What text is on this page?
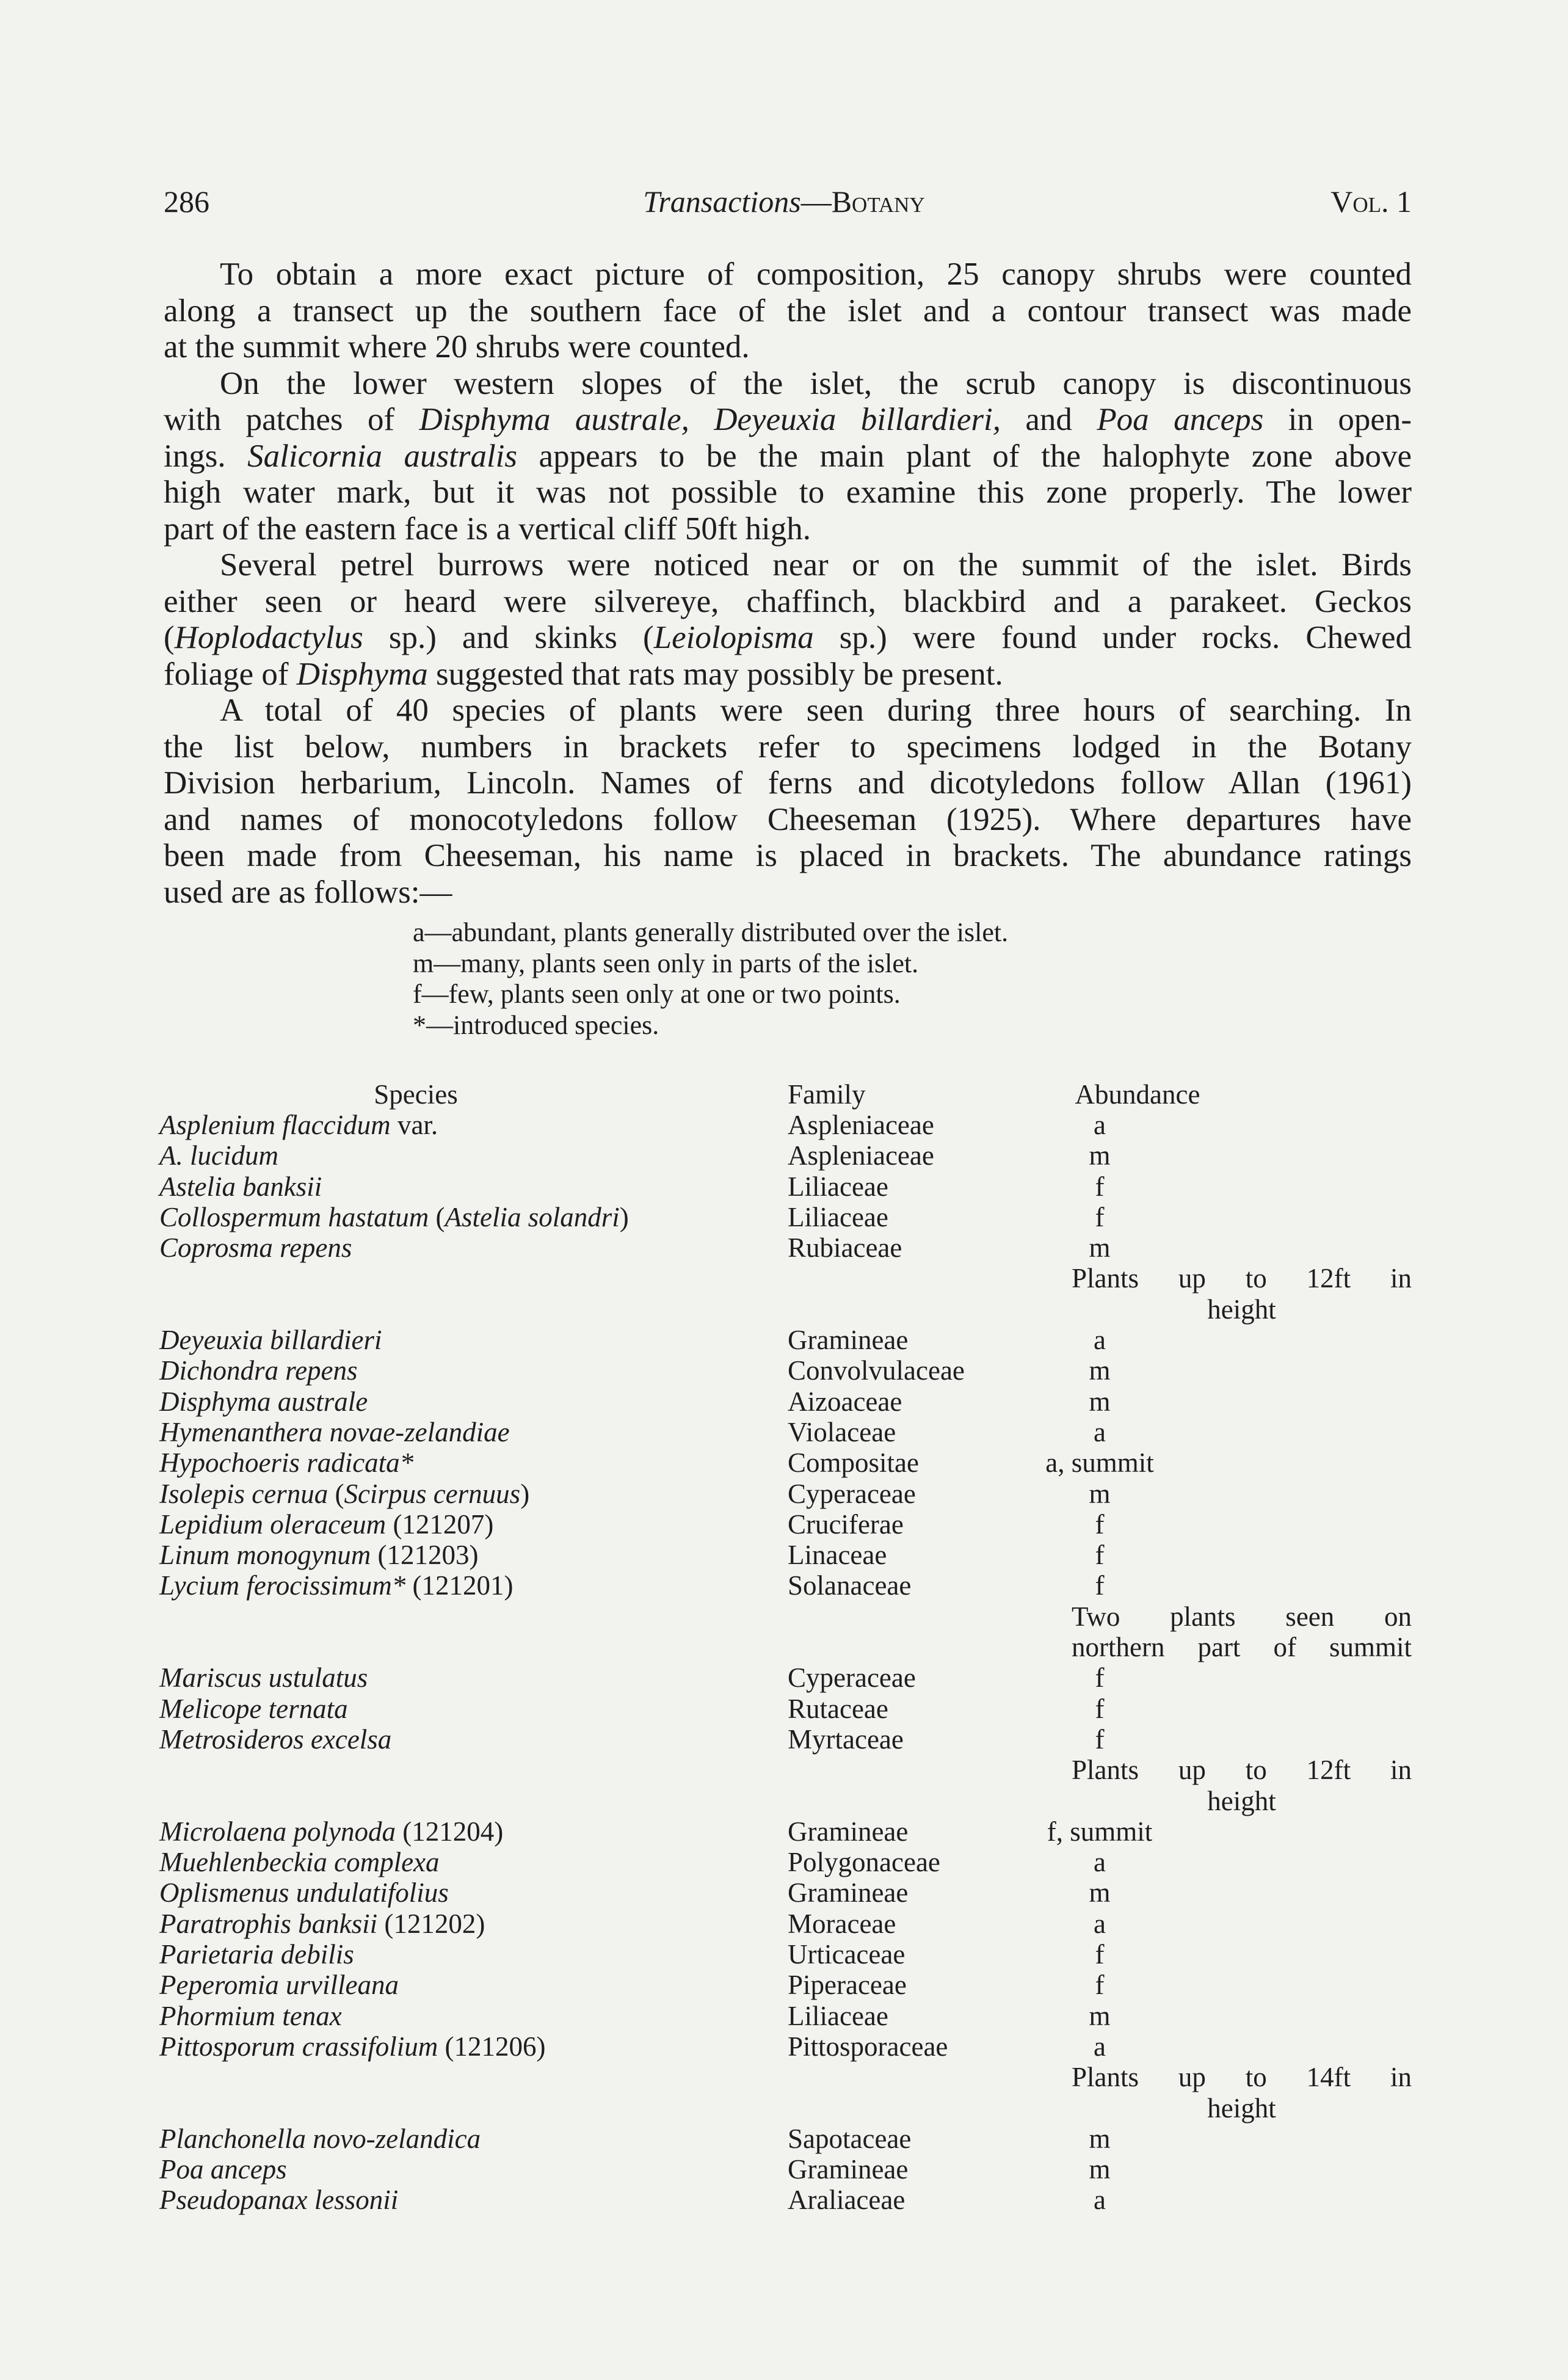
286	Transactions—Botany	Vol. 1
To obtain a more exact picture of composition, 25 canopy shrubs were counted
along a transect up the southern face of the islet and a contour transect was made
at the summit where 20 shrubs were counted.
On the lower western slopes of the islet, the scrub canopy is discontinuous
with patches of Disphyma australe, Deyeuxia billardieri, and Poa anceps in open-
ings. Salicornia australis appears to be the main plant of the halophyte zone above
high water mark, but it was not possible to examine this zone properly. The lower
part of the eastern face is a vertical cliff 50ft high.
Several petrel burrows were noticed near or on the summit of the islet. Birds
either seen or heard were silvereye, chaffinch, blackbird and a parakeet. Geckos
(Hoplodactylus sp.) and skinks (Leiolopisma sp.) were found under rocks. Chewed
foliage of Disphyma suggested that rats may possibly be present.
A total of 40 species of plants were seen during three hours of searching. In
the list below, numbers in brackets refer to specimens lodged in the Botany
Division herbarium, Lincoln. Names of ferns and dicotyledons follow Allan (1961)
and names of monocotyledons follow Cheeseman (1925). Where departures have
been made from Cheeseman, his name is placed in brackets. The abundance ratings
used are as follows:—
a—abundant, plants generally distributed over the islet.
m—many, plants seen only in parts of the islet.
f—few, plants seen only at one or two points.
*—introduced species.
Species	Family	Abundance
Asplenium flaccidum var.	Aspleniaceae	a
A. lucidum	Aspleniaceae	m
Astelia banksii	Liliaceae	f
Collospermum hastatum (Astelia solandri)	Liliaceae	f
Coprosma repens	Rubiaceae	m
Plants up to 12ft in
height
Deyeuxia billardieri	Gramineae	a
Dichondra repens	Convolvulaceae	m
Disphyma australe	Aizoaceae	m
Hymenanthera novae-zelandiae	Violaceae	a
Hypochoeris radicata*	Compositae	a, summit
Isolepis cernua (Scirpus cernuus)	Cyperaceae	m
Lepidium oleraceum (121207)	Cruciferae	f
Linum monogynum (121203)	Linaceae	f
Lycium ferocissimum* (121201)	Solanaceae	f
Two plants seen on
northern part of summit
Mariscus ustulatus	Cyperaceae	f
Melicope ternata	Rutaceae	f
Metrosideros excelsa	Myrtaceae	f
Plants up to 12ft in
height
Microlaena polynoda (121204)	Gramineae	f, summit
Muehlenbeckia complexa	Polygonaceae	a
Oplismenus undulatifolius	Gramineae	m
Paratrophis banksii (121202)	Moraceae	a
Parietaria debilis	Urticaceae	f
Peperomia urvilleana	Piperaceae	f
Phormium tenax	Liliaceae	m
Pittosporum crassifolium (121206)	Pittosporaceae	a
Plants up to 14ft in
height
Planchonella novo-zelandica	Sapotaceae	m
Poa anceps	Gramineae	m
Pseudopanax lessonii	Araliaceae	a
